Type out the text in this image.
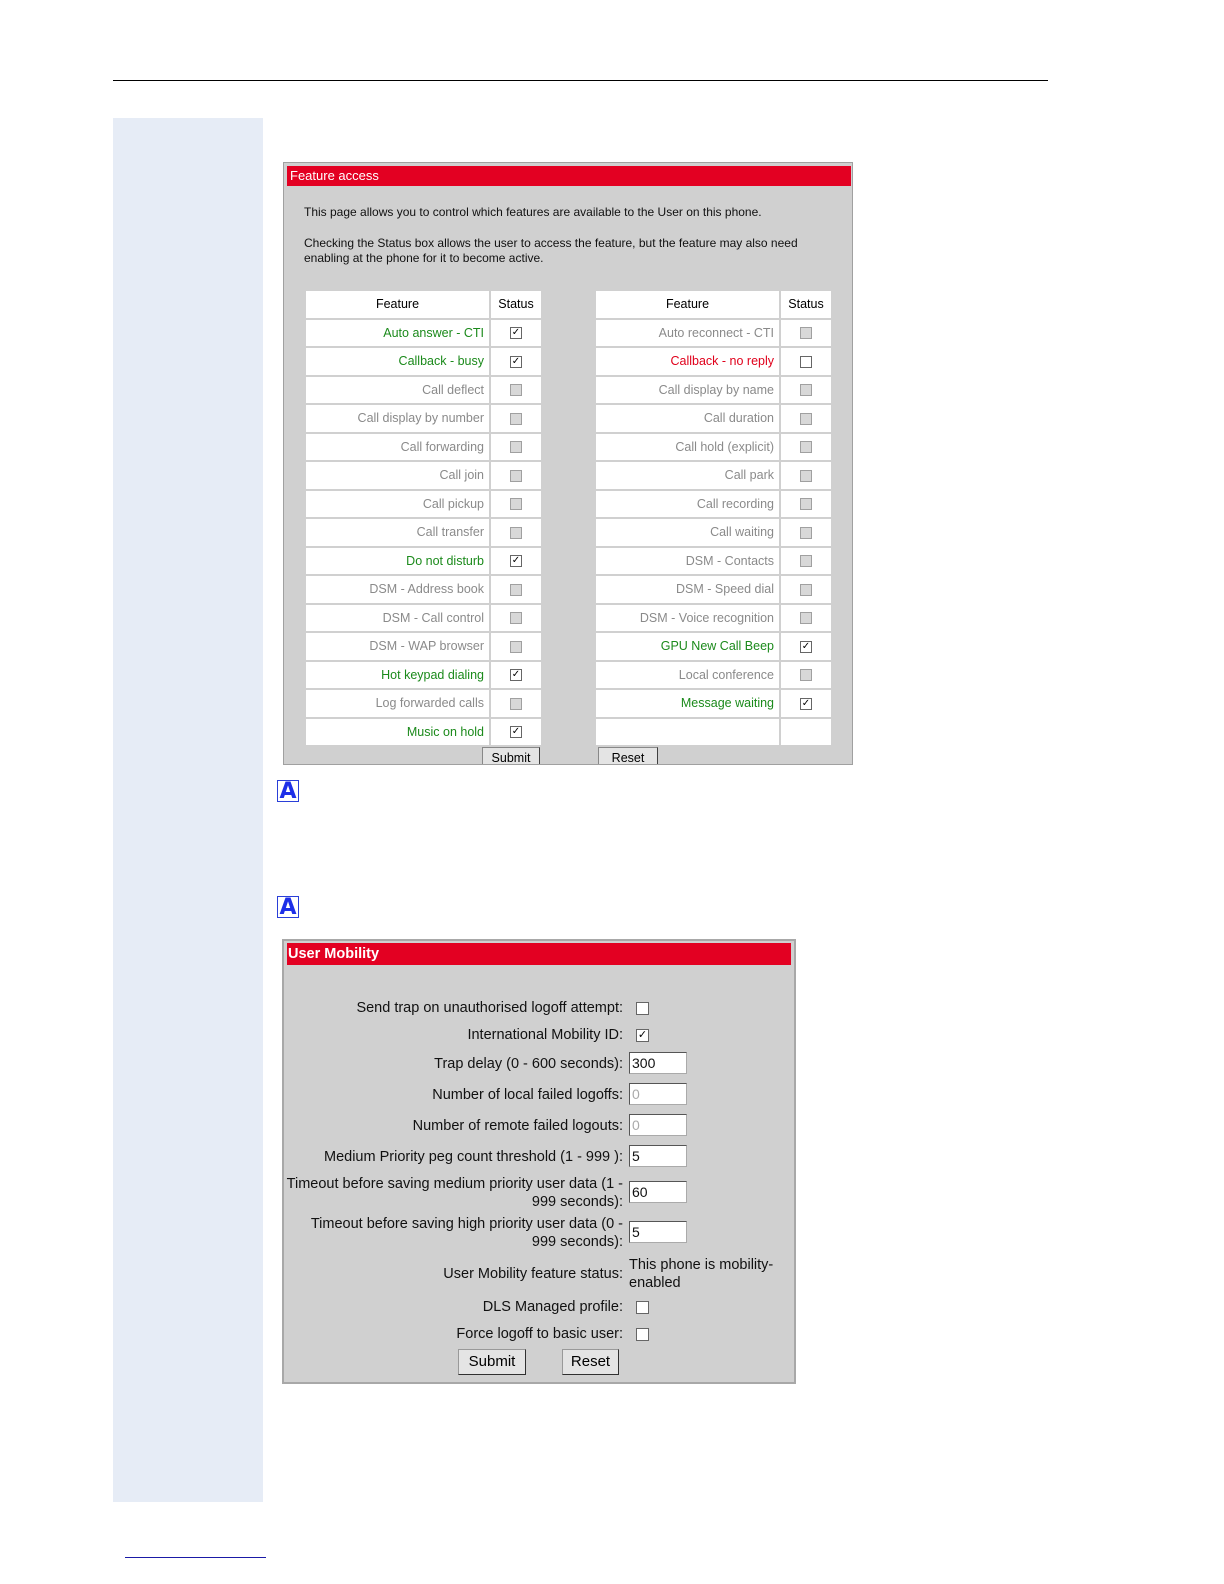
Feature access
This page allows you to control which features are available to the User on this phone.
Checking the Status box allows the user to access the feature, but the feature may also need enabling at the phone for it to become active.
Feature	Status
Auto answer - CTI	✓
Callback - busy	✓
Call deflect	
Call display by number	
Call forwarding	
Call join	
Call pickup	
Call transfer	
Do not disturb	✓
DSM - Address book	
DSM - Call control	
DSM - WAP browser	
Hot keypad dialing	✓
Log forwarded calls	
Music on hold	✓
Feature	Status
Auto reconnect - CTI	
Callback - no reply	
Call display by name	
Call duration	
Call hold (explicit)	
Call park	
Call recording	
Call waiting	
DSM - Contacts	
DSM - Speed dial	
DSM - Voice recognition	
GPU New Call Beep	✓
Local conference	
Message waiting	✓

Submit	Reset
A
A
User Mobility
Send trap on unauthorised logoff attempt:
International Mobility ID: ✓
Trap delay (0 - 600 seconds): 300
Number of local failed logoffs: 0
Number of remote failed logouts: 0
Medium Priority peg count threshold (1 - 999 ): 5
Timeout before saving medium priority user data (1 - 999 seconds):
60
Timeout before saving high priority user data (0 - 999 seconds):
5
User Mobility feature status:
This phone is mobility-enabled
DLS Managed profile:
Force logoff to basic user:
Submit	Reset
